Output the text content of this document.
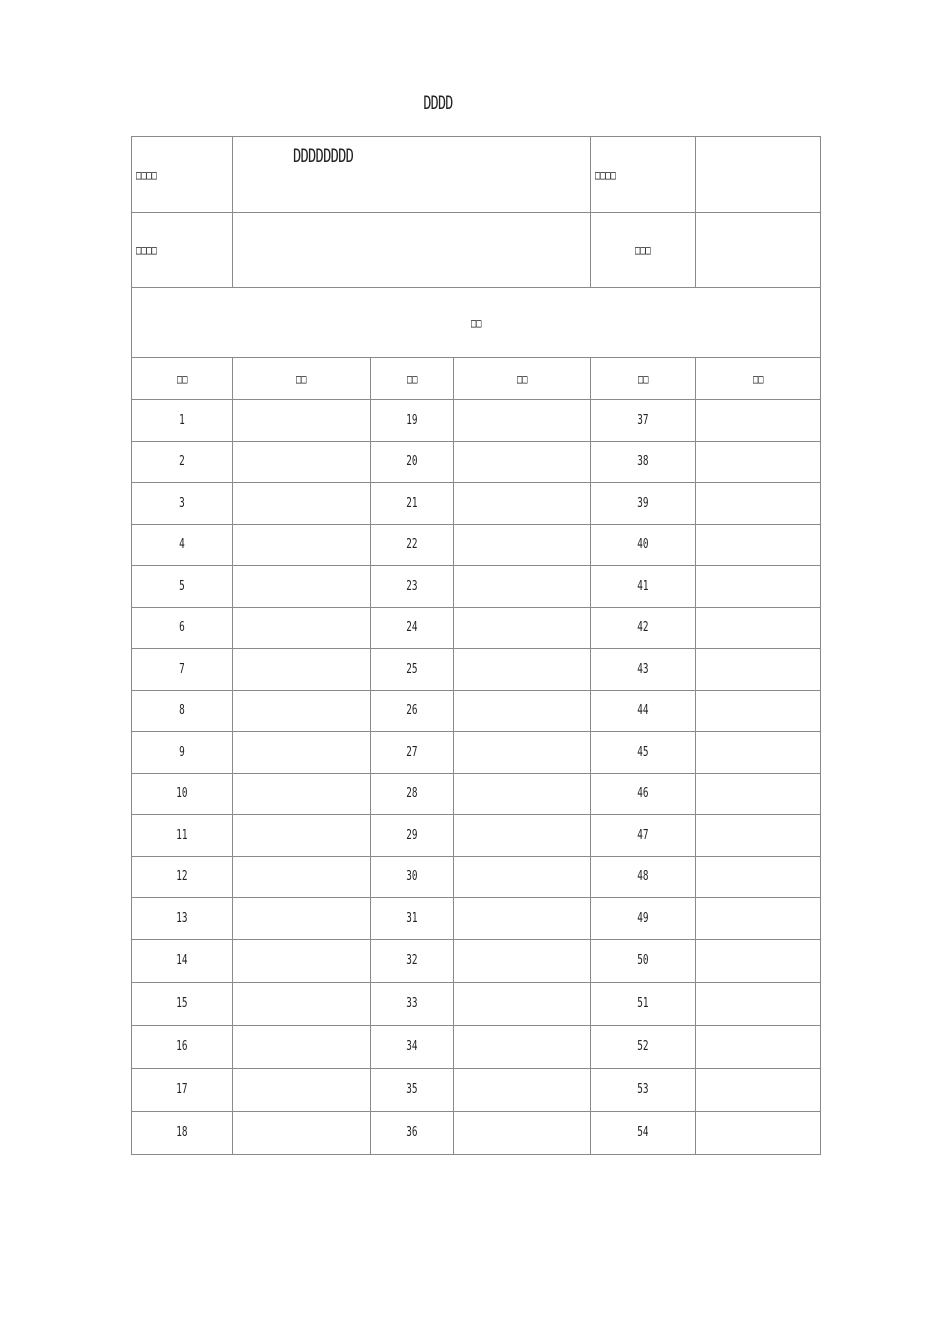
DDDD
□□□□	DDDDDDDD			□□□□	
□□□□				□□□	
□□					
□□	□□	□□	□□	□□	□□
1		19		37	
2		20		38	
3		21		39	
4		22		40	
5		23		41	
6		24		42	
7		25		43	
8		26		44	
9		27		45	
10		28		46	
11		29		47	
12		30		48	
13		31		49	
14		32		50	
15		33		51	
16		34		52	
17		35		53	
18		36		54	
